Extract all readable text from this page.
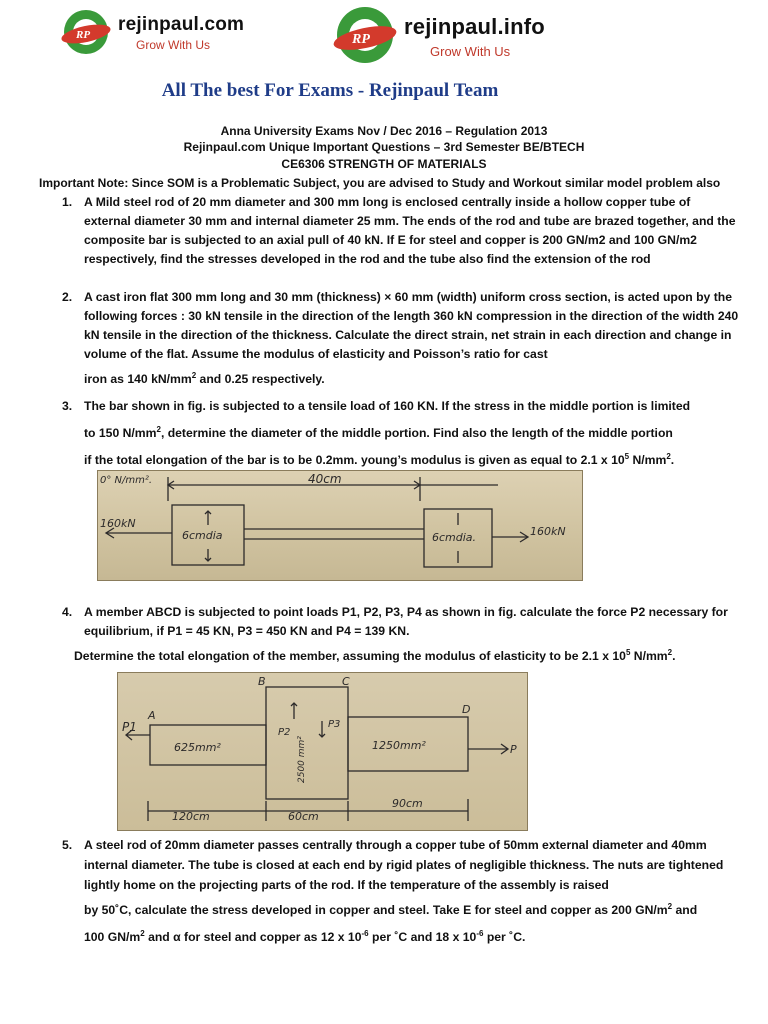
RP rejinpaul.com
Grow With Us	RP
rejinpaul.info
Grow With Us
All The best For Exams - Rejinpaul Team
Anna University Exams Nov / Dec 2016 – Regulation 2013
Rejinpaul.com Unique Important Questions – 3rd Semester BE/BTECH
CE6306 STRENGTH OF MATERIALS
Important Note: Since SOM is a Problematic Subject, you are advised to Study and Workout similar model problem also
1. A Mild steel rod of 20 mm diameter and 300 mm long is enclosed centrally inside a hollow copper tube of external diameter 30 mm and internal diameter 25 mm. The ends of the rod and tube are brazed together, and the composite bar is subjected to an axial pull of 40 kN. If E for steel and copper is 200 GN/m2 and 100 GN/m2 respectively, find the stresses developed in the rod and the tube also find the extension of the rod
2. A cast iron flat 300 mm long and 30 mm (thickness) × 60 mm (width) uniform cross section, is acted upon by the following forces : 30 kN tensile in the direction of the length 360 kN compression in the direction of the width 240 kN tensile in the direction of the thickness. Calculate the direct strain, net strain in each direction and change in volume of the flat. Assume the modulus of elasticity and Poisson’s ratio for cast
iron as 140 $kN/mm^2$ and 0.25 respectively.
3. The bar shown in fig. is subjected to a tensile load of 160 KN. If the stress in the middle portion is limited
to 150 $N/mm^2$, determine the diameter of the middle portion. Find also the length of the middle portion
if the total elongation of the bar is to be 0.2mm. young’s modulus is given as equal to 2.1 x $10^5$ $N/mm^2$.
0° N/mm².	40cm
160kN
6cmdia	6cmdia.	160kN
4. A member ABCD is subjected to point loads P1, P2, P3, P4 as shown in fig. calculate the force P2 necessary for equilibrium, if P1 = 45 KN, P3 = 450 KN and P4 = 139 KN.
Determine the total elongation of the member, assuming the modulus of elasticity to be 2.1 x $10^5$ $N/mm^2$.
P1
A
B	C
D
P
P2
P3
625mm²	2500 mm²	1250mm²
120cm	60cm
90cm
5. A steel rod of 20mm diameter passes centrally through a copper tube of 50mm external diameter and 40mm internal diameter. The tube is closed at each end by rigid plates of negligible thickness. The nuts are tightened lightly home on the projecting parts of the rod. If the temperature of the assembly is raised
by 50˚C, calculate the stress developed in copper and steel. Take E for steel and copper as 200 $GN/m^2$ and
100 $GN/m^2$ and α for steel and copper as 12 x $10^{-6}$ per ˚C and 18 x $10^{-6}$ per ˚C.
